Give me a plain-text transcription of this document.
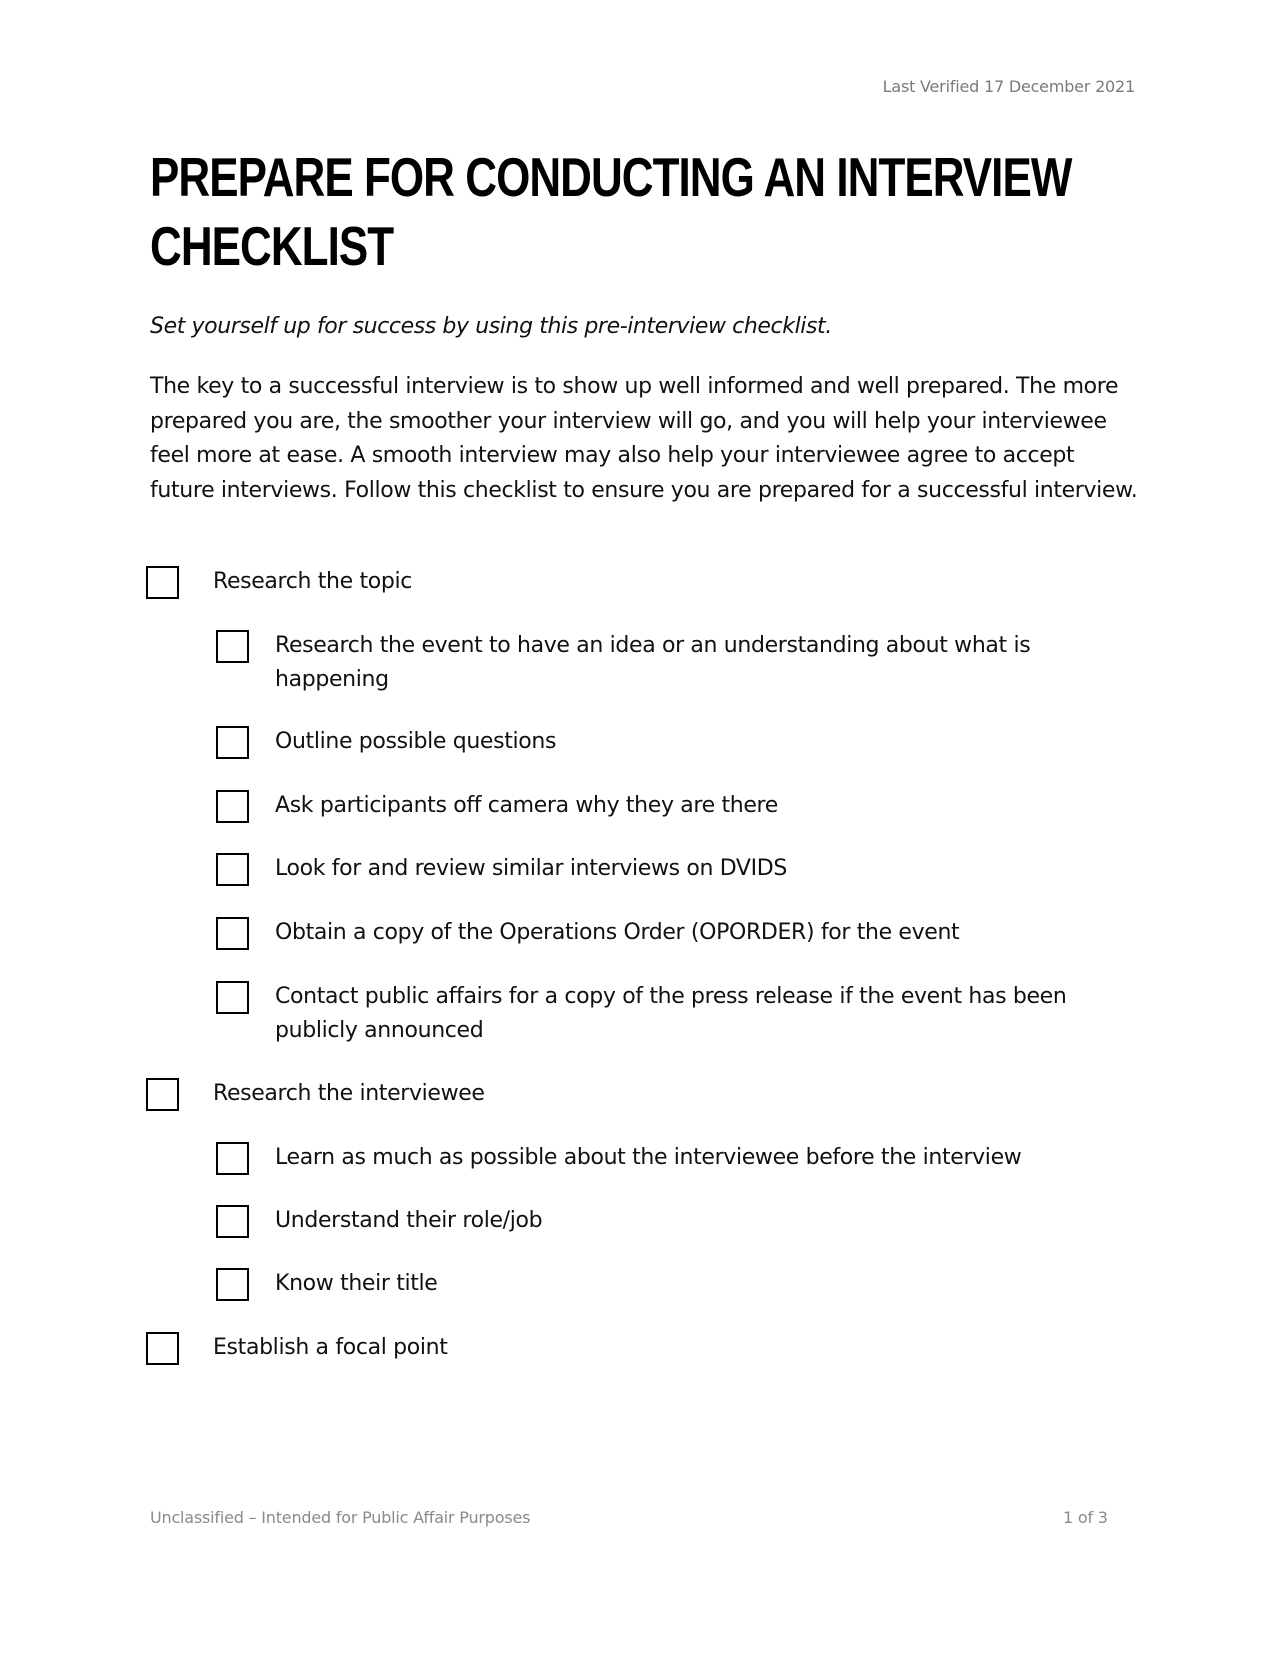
Last Verified 17 December 2021
PREPARE FOR CONDUCTING AN INTERVIEW
CHECKLIST

Set yourself up for success by using this pre-interview checklist.

The key to a successful interview is to show up well informed and well prepared. The more prepared you are, the smoother your interview will go, and you will help your interviewee feel more at ease. A smooth interview may also help your interviewee agree to accept future interviews. Follow this checklist to ensure you are prepared for a successful interview.

Research the topic
Research the event to have an idea or an understanding about what is happening
Outline possible questions
Ask participants off camera why they are there
Look for and review similar interviews on DVIDS
Obtain a copy of the Operations Order (OPORDER) for the event
Contact public affairs for a copy of the press release if the event has been publicly announced
Research the interviewee
Learn as much as possible about the interviewee before the interview
Understand their role/job
Know their title
Establish a focal point
Unclassified – Intended for Public Affair Purposes	1 of 3
